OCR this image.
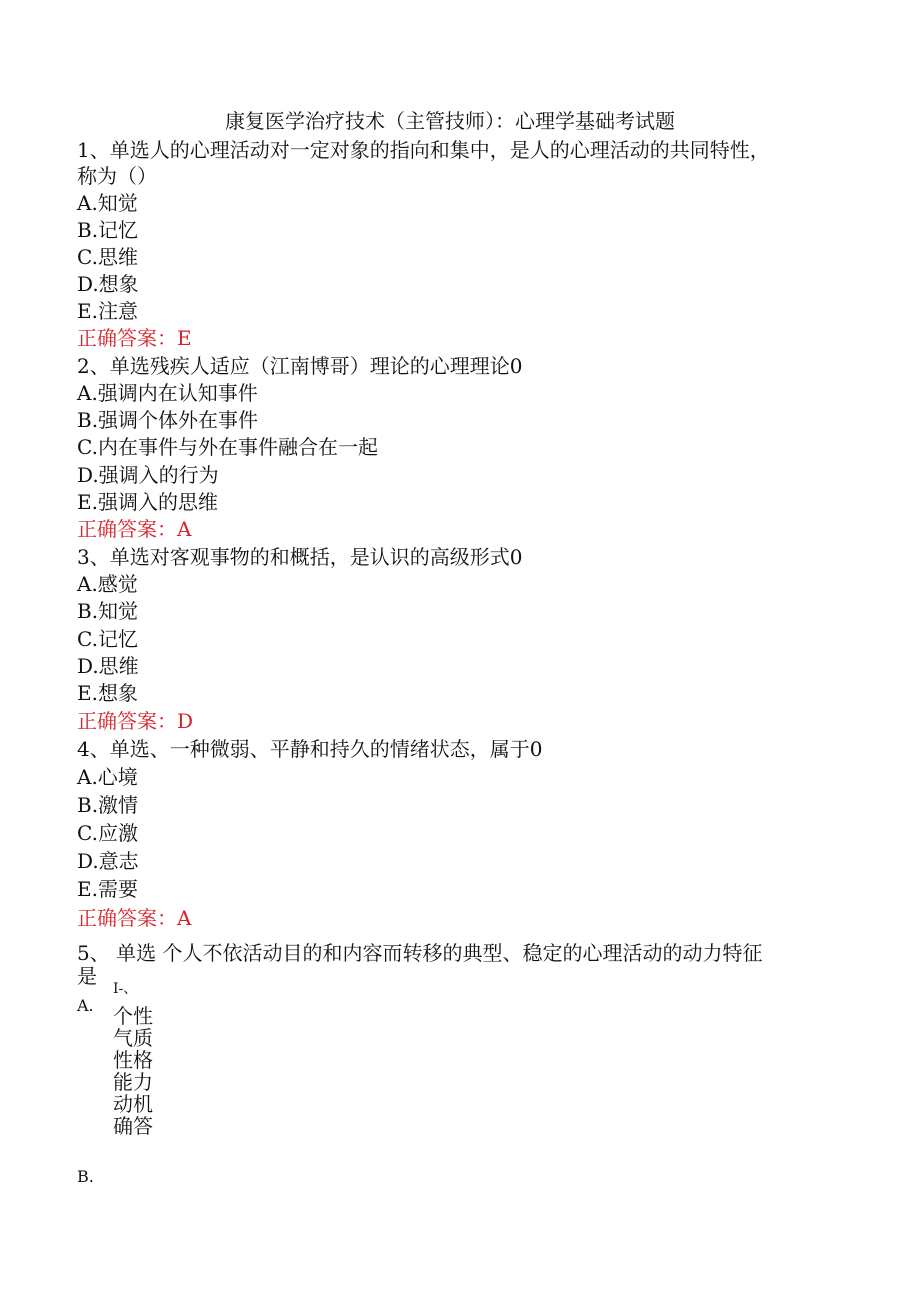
康复医学治疗技术（主管技师）：心理学基础考试题
1、单选人的心理活动对一定对象的指向和集中，是人的心理活动的共同特性，
称为（）
A.知觉
B.记忆
C.思维
D.想象
E.注意
正确答案：E
2、单选残疾人适应（江南博哥）理论的心理理论0
A.强调内在认知事件
B.强调个体外在事件
C.内在事件与外在事件融合在一起
D.强调入的行为
E.强调入的思维
正确答案：A
3、单选对客观事物的和概括，是认识的高级形式0
A.感觉
B.知觉
C.记忆
D.思维
E.想象
正确答案：D
4、单选、一种微弱、平静和持久的情绪状态，属于0
A.心境
B.激情
C.应激
D.意志
E.需要
正确答案：A
5、 单选 个人不依活动目的和内容而转移的典型、稳定的心理活动的动力特征
是
A.
I-、
个性
气质
性格
能力
动机
确答
B.
